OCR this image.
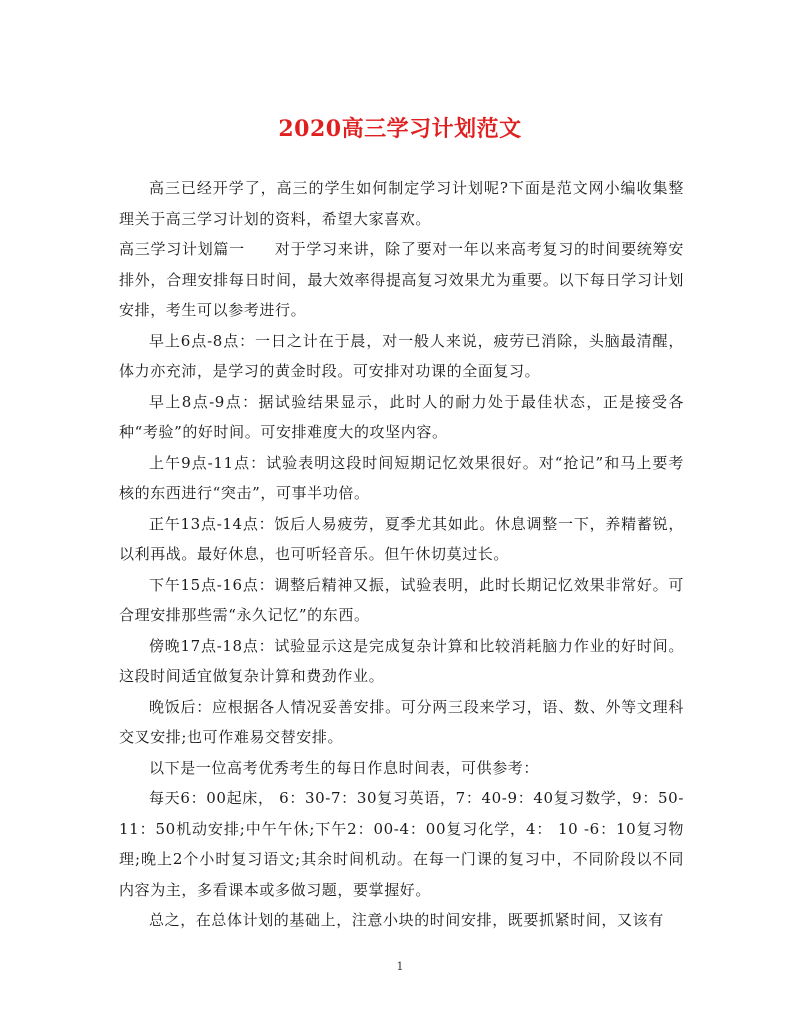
2020高三学习计划范文

高三已经开学了，高三的学生如何制定学习计划呢?下面是范文网小编收集整理关于高三学习计划的资料，希望大家喜欢。

高三学习计划篇一 对于学习来讲，除了要对一年以来高考复习的时间要统筹安排外，合理安排每日时间，最大效率得提高复习效果尤为重要。以下每日学习计划安排，考生可以参考进行。

早上6点-8点：一日之计在于晨，对一般人来说，疲劳已消除，头脑最清醒，体力亦充沛，是学习的黄金时段。可安排对功课的全面复习。

早上8点-9点：据试验结果显示，此时人的耐力处于最佳状态，正是接受各种“考验”的好时间。可安排难度大的攻坚内容。

上午9点-11点：试验表明这段时间短期记忆效果很好。对“抢记”和马上要考核的东西进行“突击”，可事半功倍。

正午13点-14点：饭后人易疲劳，夏季尤其如此。休息调整一下，养精蓄锐，以利再战。最好休息，也可听轻音乐。但午休切莫过长。

下午15点-16点：调整后精神又振，试验表明，此时长期记忆效果非常好。可合理安排那些需“永久记忆”的东西。

傍晚17点-18点：试验显示这是完成复杂计算和比较消耗脑力作业的好时间。这段时间适宜做复杂计算和费劲作业。

晚饭后：应根据各人情况妥善安排。可分两三段来学习，语、数、外等文理科交叉安排;也可作难易交替安排。

以下是一位高考优秀考生的每日作息时间表，可供参考：

每天6：00起床， 6：30-7：30复习英语，7：40-9：40复习数学，9：50-11：50机动安排;中午午休;下午2：00-4：00复习化学，4： 10 -6：10复习物理;晚上2个小时复习语文;其余时间机动。在每一门课的复习中，不同阶段以不同内容为主，多看课本或多做习题，要掌握好。

总之，在总体计划的基础上，注意小块的时间安排，既要抓紧时间，又该有

1
